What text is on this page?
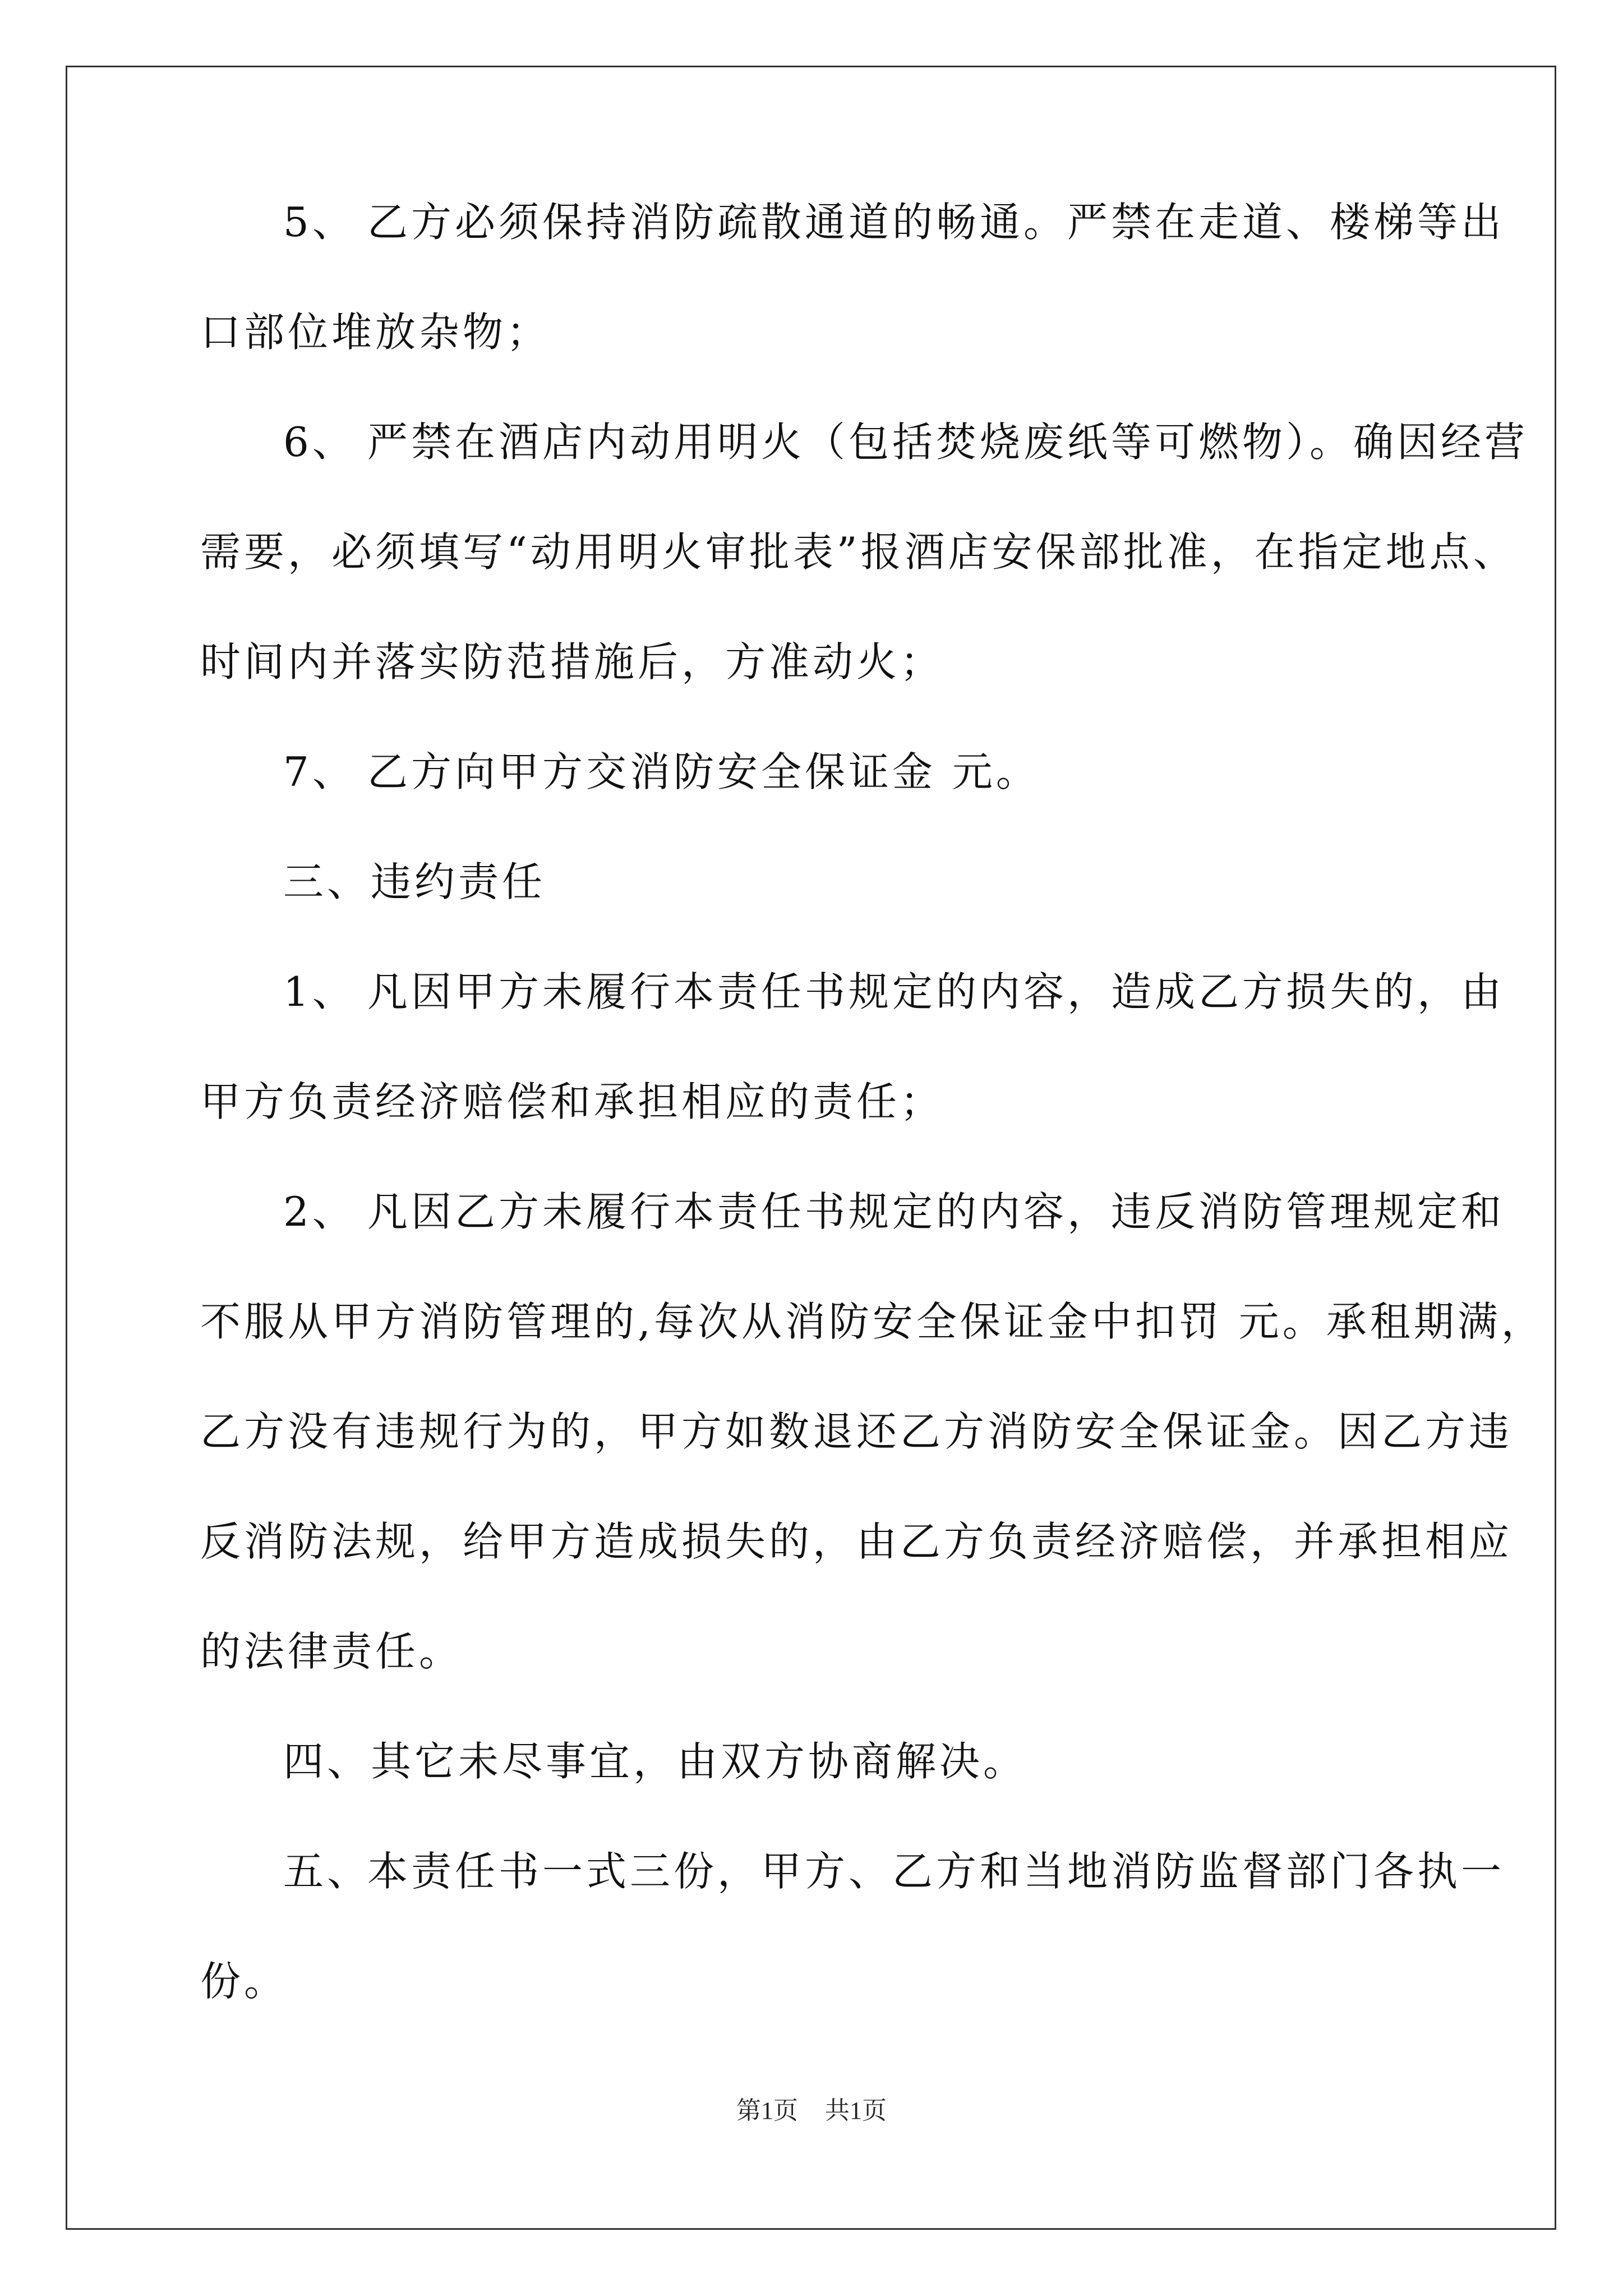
5、 乙方必须保持消防疏散通道的畅通。严禁在走道、楼梯等出
口部位堆放杂物；
6、 严禁在酒店内动用明火（包括焚烧废纸等可燃物）。确因经营
需要，必须填写“动用明火审批表”报酒店安保部批准，在指定地点、
时间内并落实防范措施后，方准动火；
7、 乙方向甲方交消防安全保证金 元。
三、 违约责任
1、 凡因甲方未履行本责任书规定的内容，造成乙方损失的，由
甲方负责经济赔偿和承担相应的责任；
2、 凡因乙方未履行本责任书规定的内容，违反消防管理规定和
不服从甲方消防管理的,每次从消防安全保证金中扣罚 元。承租期满，
乙方没有违规行为的，甲方如数退还乙方消防安全保证金。因乙方违
反消防法规，给甲方造成损失的，由乙方负责经济赔偿，并承担相应
的法律责任。
四、 其它未尽事宜，由双方协商解决。
五、
本责任书一式三份，甲方、乙方和当地消防监督部门各执一
份。
第1页 共1页
